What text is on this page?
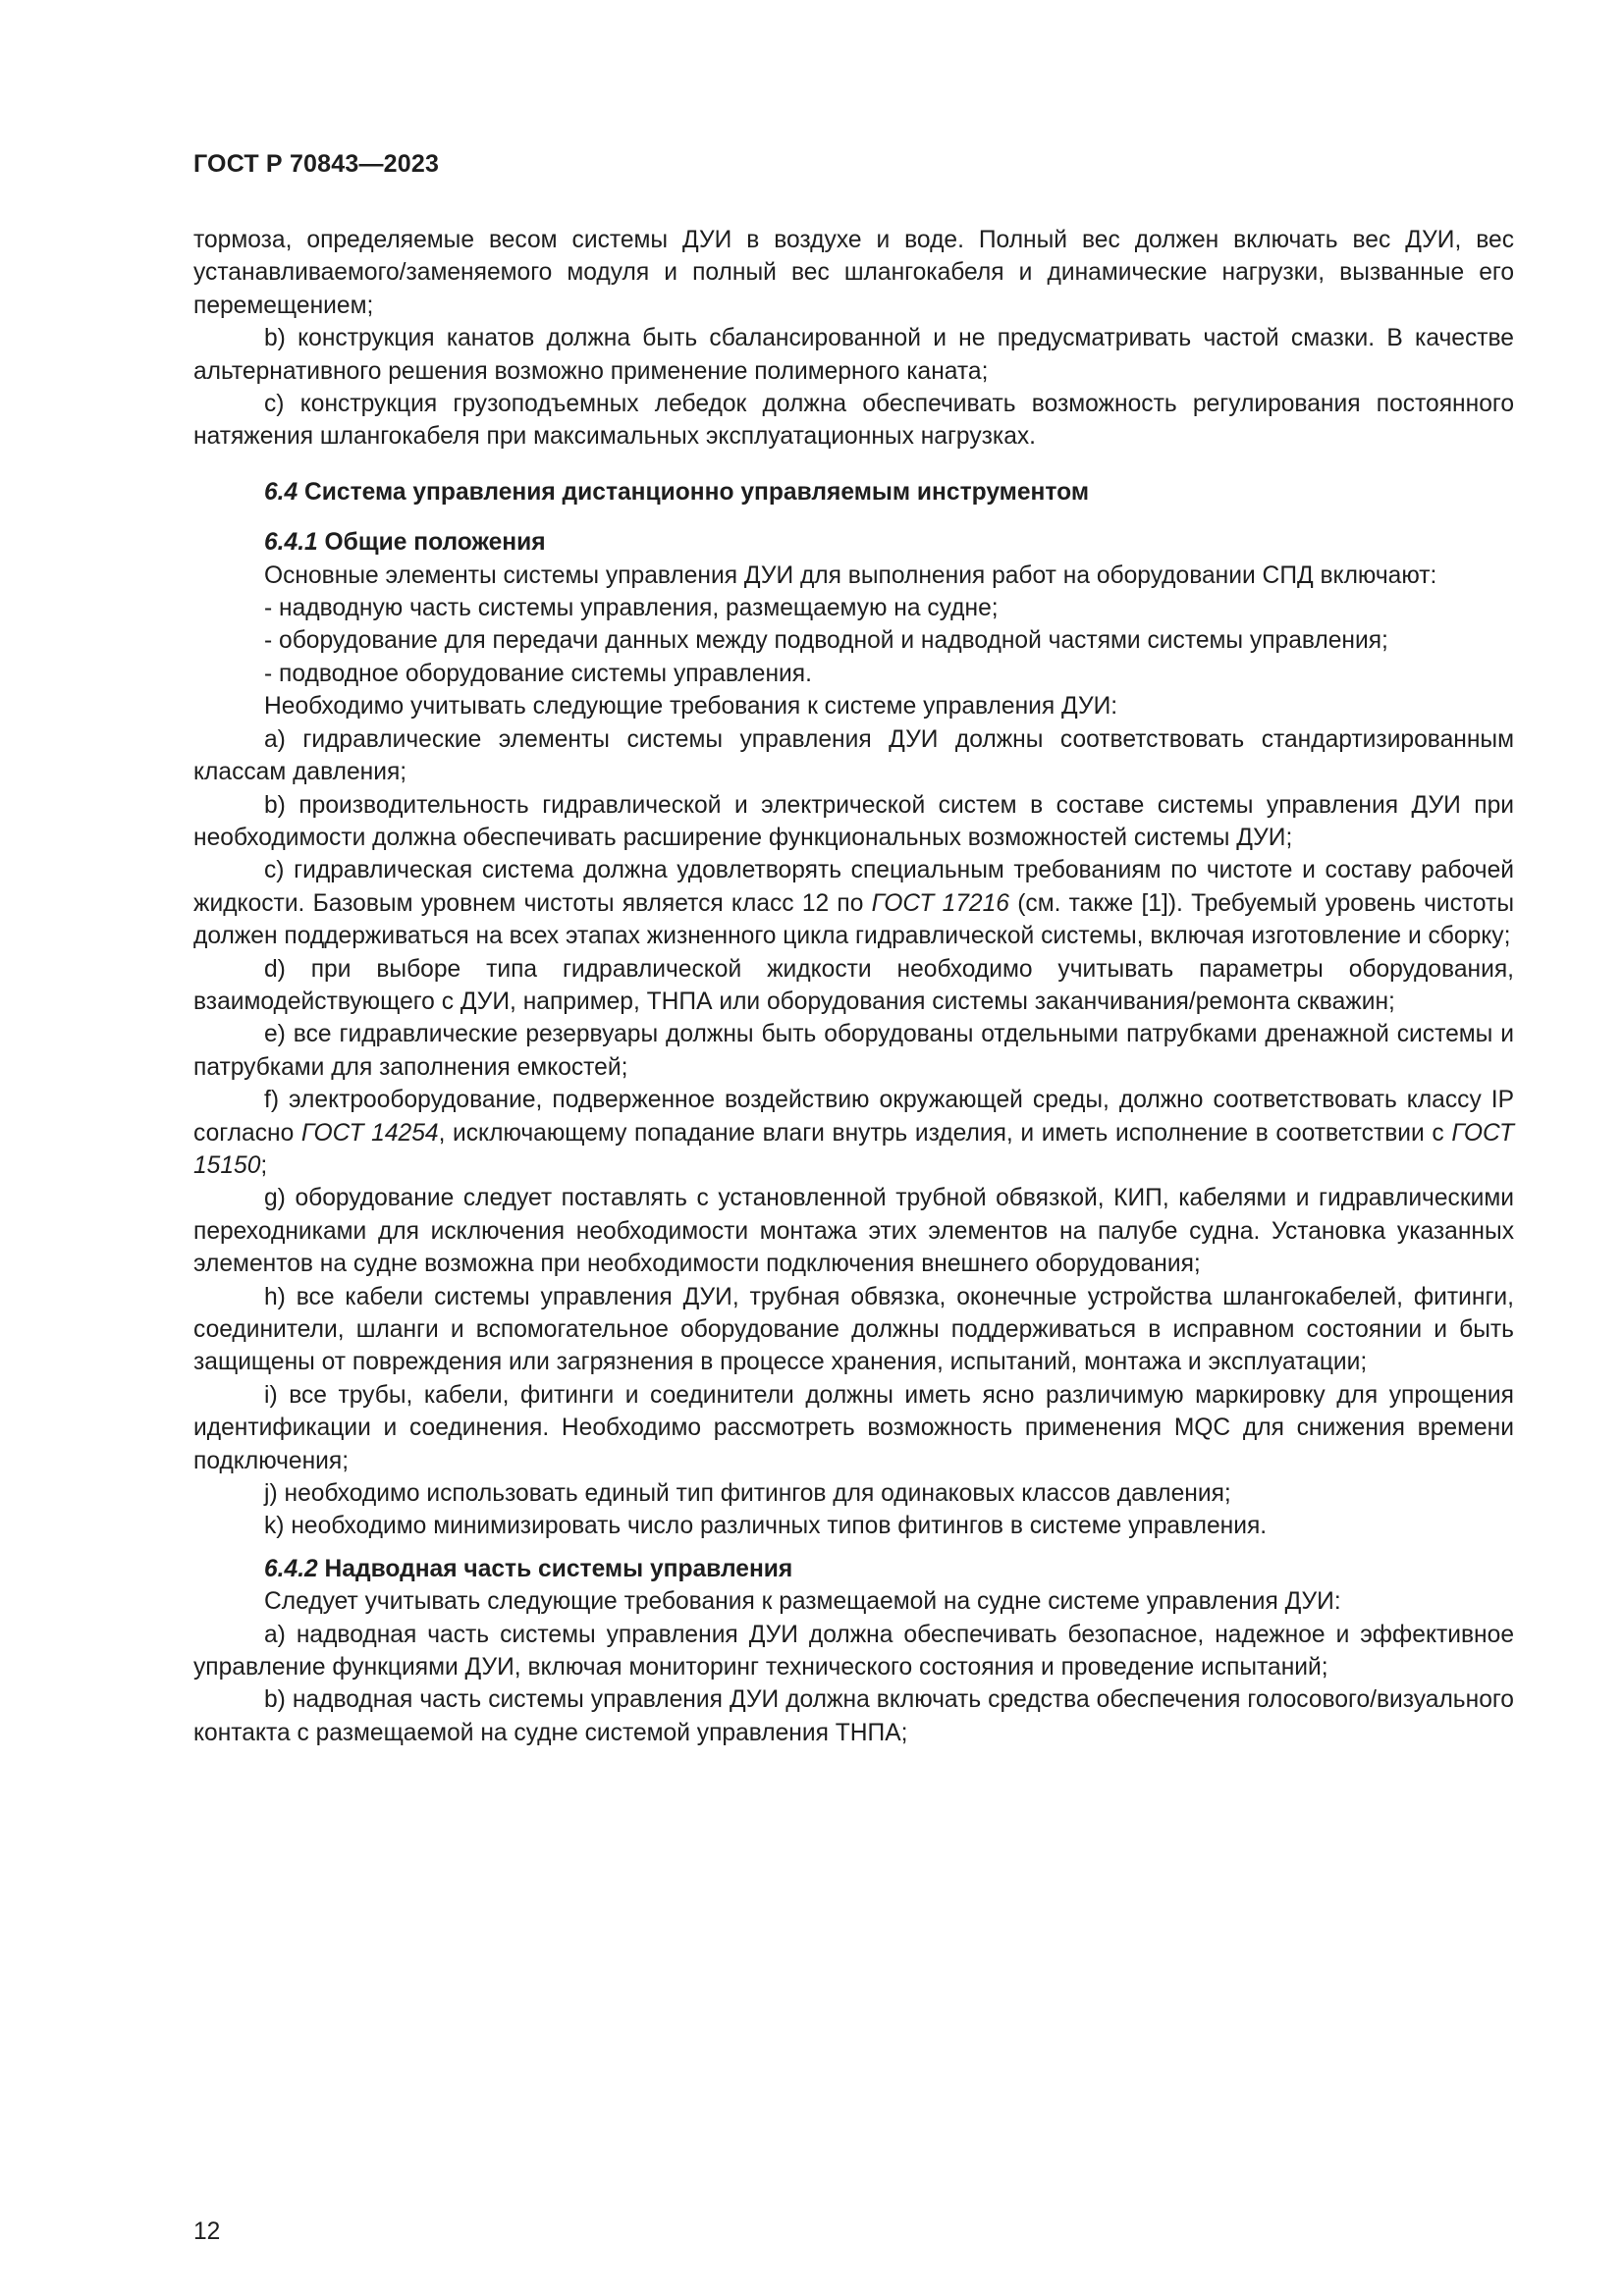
ГОСТ Р 70843—2023

тормоза, определяемые весом системы ДУИ в воздухе и воде. Полный вес должен включать вес ДУИ, вес устанавливаемого/заменяемого модуля и полный вес шлангокабеля и динамические нагрузки, вызванные его перемещением;

b) конструкция канатов должна быть сбалансированной и не предусматривать частой смазки. В качестве альтернативного решения возможно применение полимерного каната;

c) конструкция грузоподъемных лебедок должна обеспечивать возможность регулирования постоянного натяжения шлангокабеля при максимальных эксплуатационных нагрузках.

6.4 Система управления дистанционно управляемым инструментом

6.4.1 Общие положения

Основные элементы системы управления ДУИ для выполнения работ на оборудовании СПД включают:

- надводную часть системы управления, размещаемую на судне;

- оборудование для передачи данных между подводной и надводной частями системы управления;

- подводное оборудование системы управления.

Необходимо учитывать следующие требования к системе управления ДУИ:

a) гидравлические элементы системы управления ДУИ должны соответствовать стандартизированным классам давления;

b) производительность гидравлической и электрической систем в составе системы управления ДУИ при необходимости должна обеспечивать расширение функциональных возможностей системы ДУИ;

c) гидравлическая система должна удовлетворять специальным требованиям по чистоте и составу рабочей жидкости. Базовым уровнем чистоты является класс 12 по ГОСТ 17216 (см. также [1]). Требуемый уровень чистоты должен поддерживаться на всех этапах жизненного цикла гидравлической системы, включая изготовление и сборку;

d) при выборе типа гидравлической жидкости необходимо учитывать параметры оборудования, взаимодействующего с ДУИ, например, ТНПА или оборудования системы заканчивания/ремонта скважин;

e) все гидравлические резервуары должны быть оборудованы отдельными патрубками дренажной системы и патрубками для заполнения емкостей;

f) электрооборудование, подверженное воздействию окружающей среды, должно соответствовать классу IP согласно ГОСТ 14254, исключающему попадание влаги внутрь изделия, и иметь исполнение в соответствии с ГОСТ 15150;

g) оборудование следует поставлять с установленной трубной обвязкой, КИП, кабелями и гидравлическими переходниками для исключения необходимости монтажа этих элементов на палубе судна. Установка указанных элементов на судне возможна при необходимости подключения внешнего оборудования;

h) все кабели системы управления ДУИ, трубная обвязка, оконечные устройства шлангокабелей, фитинги, соединители, шланги и вспомогательное оборудование должны поддерживаться в исправном состоянии и быть защищены от повреждения или загрязнения в процессе хранения, испытаний, монтажа и эксплуатации;

i) все трубы, кабели, фитинги и соединители должны иметь ясно различимую маркировку для упрощения идентификации и соединения. Необходимо рассмотреть возможность применения MQC для снижения времени подключения;

j) необходимо использовать единый тип фитингов для одинаковых классов давления;

k) необходимо минимизировать число различных типов фитингов в системе управления.

6.4.2 Надводная часть системы управления

Следует учитывать следующие требования к размещаемой на судне системе управления ДУИ:

a) надводная часть системы управления ДУИ должна обеспечивать безопасное, надежное и эффективное управление функциями ДУИ, включая мониторинг технического состояния и проведение испытаний;

b) надводная часть системы управления ДУИ должна включать средства обеспечения голосового/визуального контакта с размещаемой на судне системой управления ТНПА;

12
